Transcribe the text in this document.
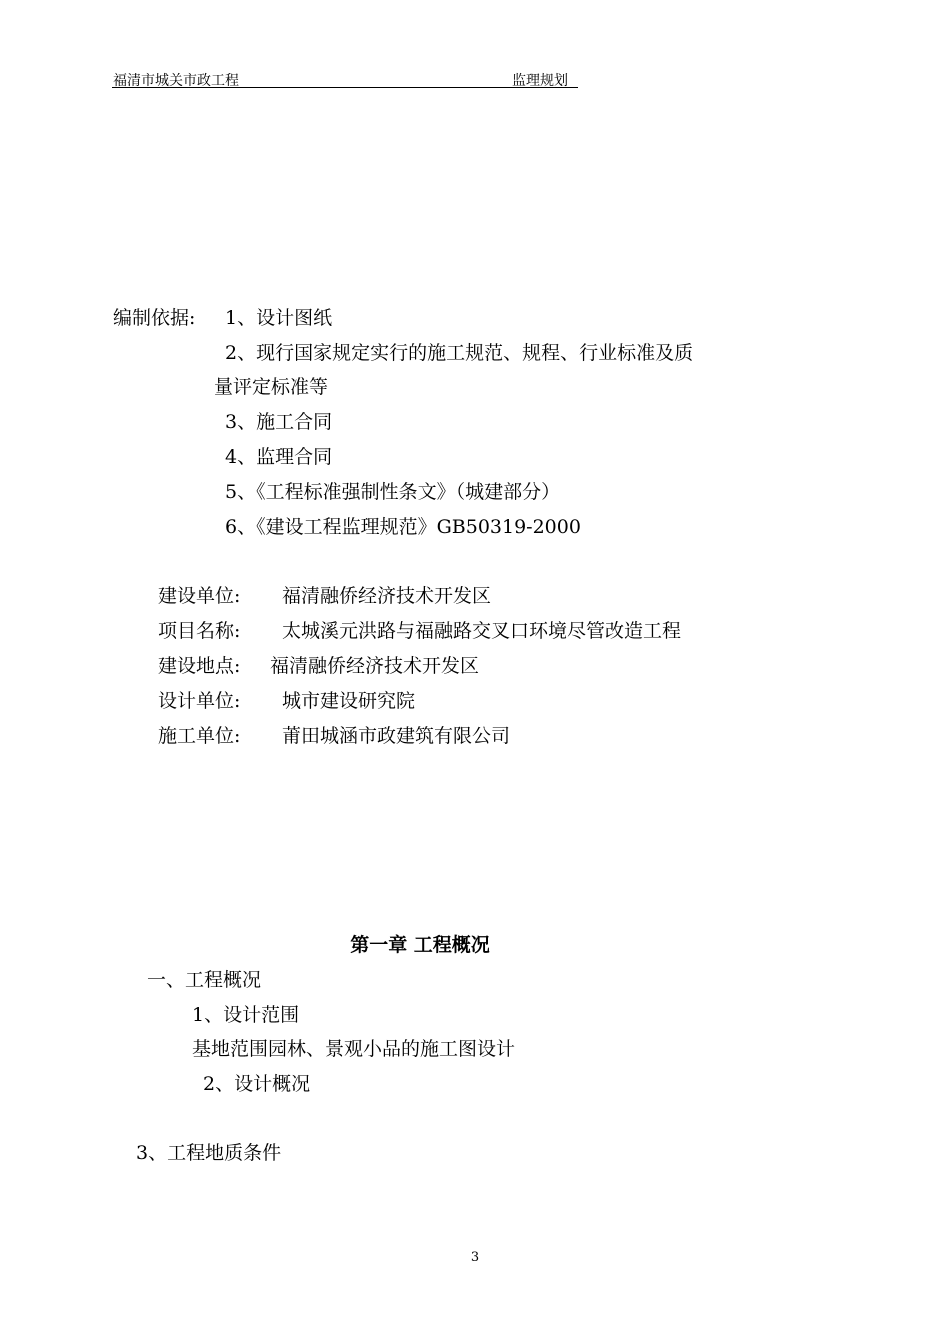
福清市城关市政工程	监理规划
编制依据: 1、设计图纸
2、现行国家规定实行的施工规范、规程、行业标准及质
量评定标准等
3、施工合同
4、监理合同
5、《工程标准强制性条文》（城建部分）
6、《建设工程监理规范》GB50319-2000
建设单位: 福清融侨经济技术开发区
项目名称: 太城溪元洪路与福融路交叉口环境尽管改造工程
建设地点: 福清融侨经济技术开发区
设计单位: 城市建设研究院
施工单位: 莆田城涵市政建筑有限公司
第一章 工程概况
一、工程概况
1、设计范围
基地范围园林、景观小品的施工图设计
2、设计概况
3、工程地质条件
3
